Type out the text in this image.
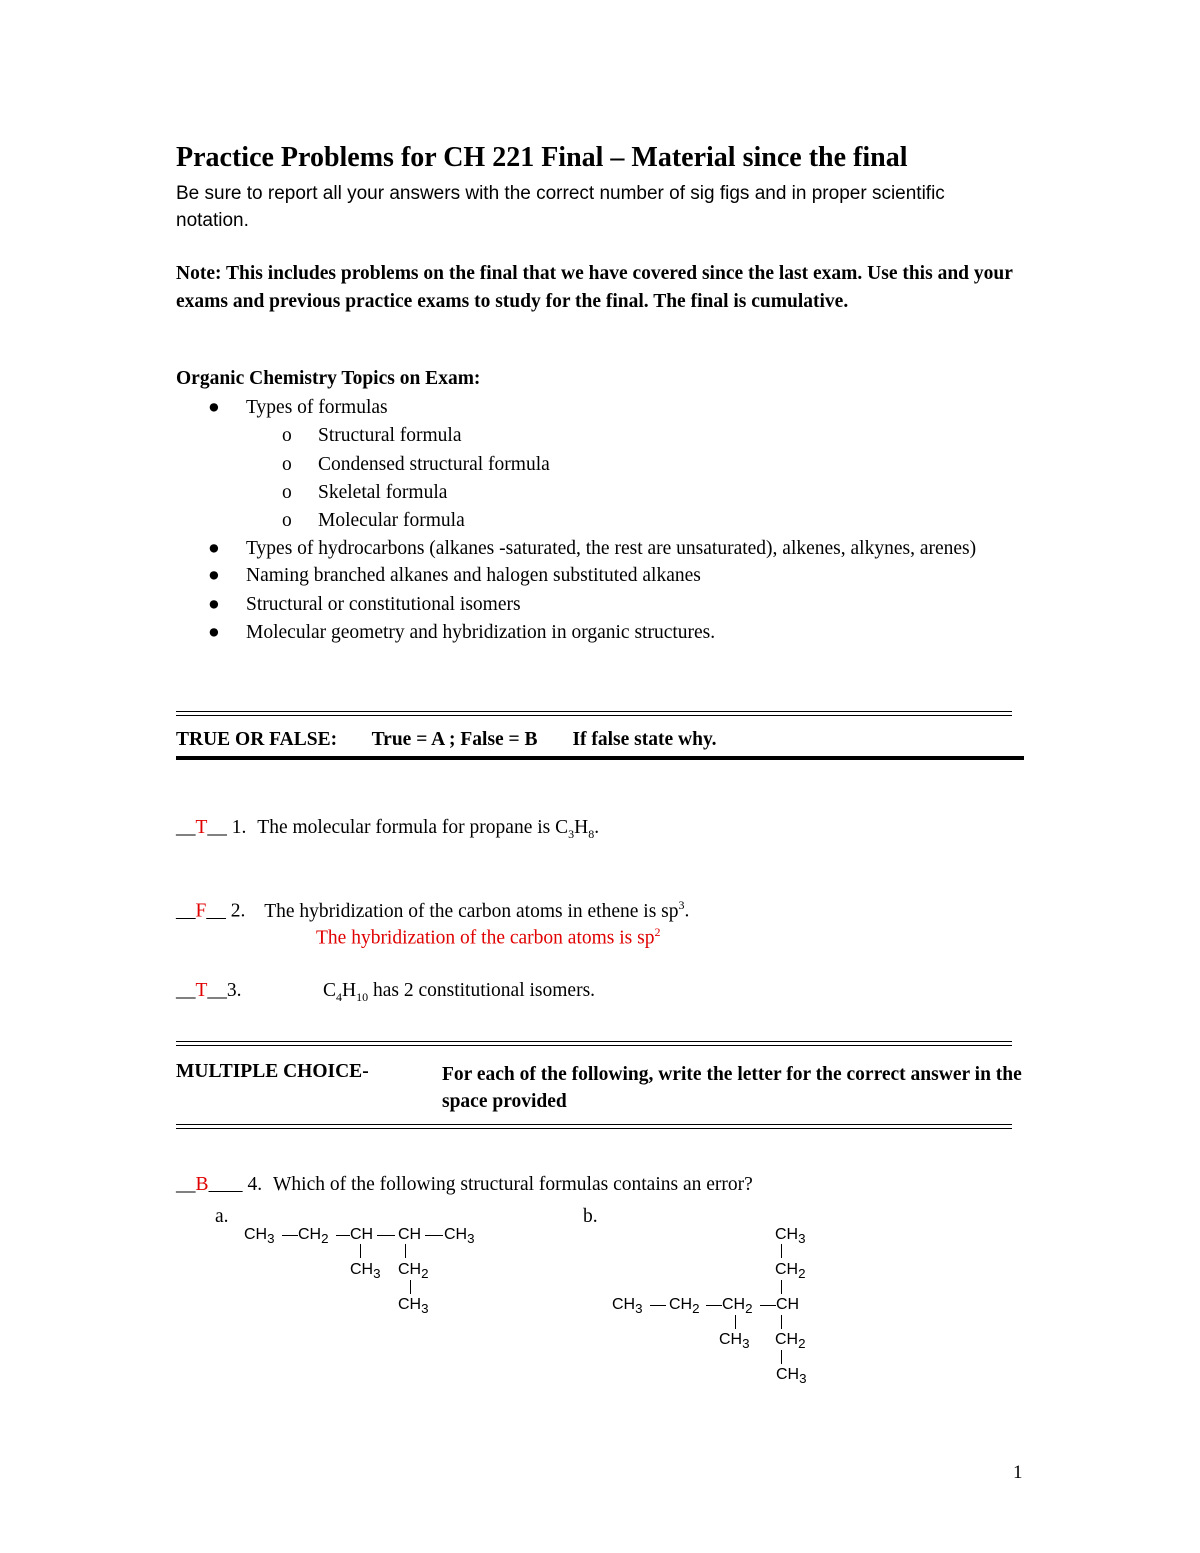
Practice Problems for CH 221 Final – Material since the final
Be sure to report all your answers with the correct number of sig figs and in proper scientific notation.
Note: This includes problems on the final that we have covered since the last exam. Use this and your exams and previous practice exams to study for the final. The final is cumulative.
Organic Chemistry Topics on Exam:
● Types of formulas
o Structural formula
o Condensed structural formula
o Skeletal formula
o Molecular formula
● Types of hydrocarbons (alkanes -saturated, the rest are unsaturated), alkenes, alkynes, arenes)
● Naming branched alkanes and halogen substituted alkanes
● Structural or constitutional isomers
● Molecular geometry and hybridization in organic structures.
TRUE OR FALSE: True = A ; False = B If false state why.
__T__ 1. The molecular formula for propane is $C_3H_8$.
__F__ 2. The hybridization of the carbon atoms in ethene is $sp^3$.
The hybridization of the carbon atoms is $sp^2$
__T__3.	$C_4H_{10}$ has 2 constitutional isomers.
MULTIPLE CHOICE-	For each of the following, write the letter for the correct answer in the space provided
__B 4. Which of the following structural formulas contains an error?
a.	b.
$CH_3$ $CH_2$ CH CH $CH_3$
$CH_3$ $CH_2$
$CH_3$
$CH_3$
$CH_2$
$CH_3$ $CH_2$ $CH_2$ CH
$CH_3$ $CH_2$
$CH_3$
1
